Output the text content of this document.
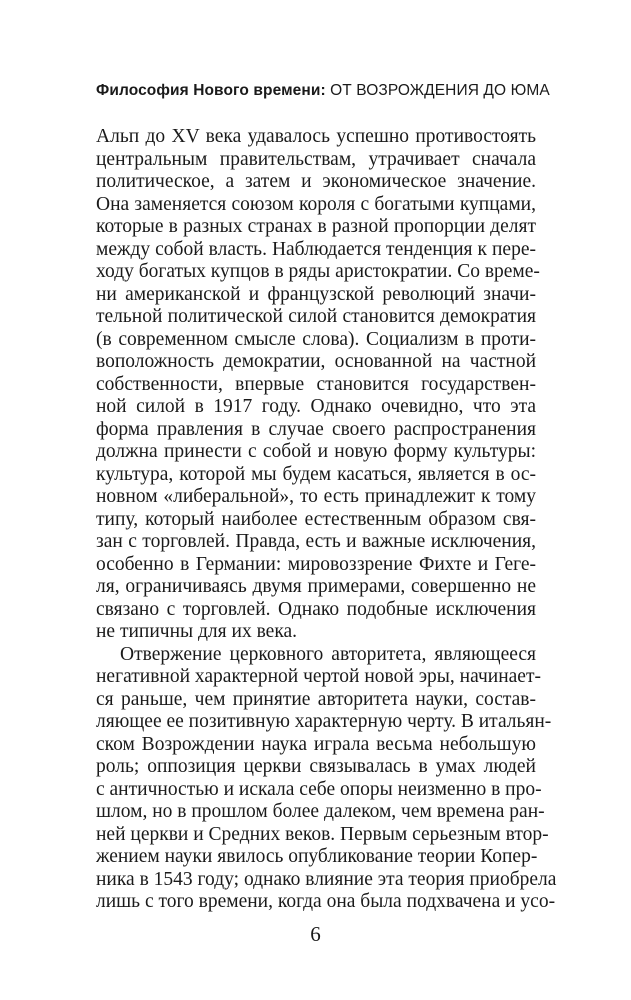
Философия Нового времени: ОТ ВОЗРОЖДЕНИЯ ДО ЮМА
Альп до XV века удавалось успешно противостоять
центральным правительствам, утрачивает сначала
политическое, а затем и экономическое значение.
Она заменяется союзом короля с богатыми купцами,
которые в разных странах в разной пропорции делят
между собой власть. Наблюдается тенденция к пере-
ходу богатых купцов в ряды аристократии. Со време-
ни американской и французской революций значи-
тельной политической силой становится демократия
(в современном смысле слова). Социализм в проти-
воположность демократии, основанной на частной
собственности, впервые становится государствен-
ной силой в 1917 году. Однако очевидно, что эта
форма правления в случае своего распространения
должна принести с собой и новую форму культуры:
культура, которой мы будем касаться, является в ос-
новном «либеральной», то есть принадлежит к тому
типу, который наиболее естественным образом свя-
зан с торговлей. Правда, есть и важные исключения,
особенно в Германии: мировоззрение Фихте и Геге-
ля, ограничиваясь двумя примерами, совершенно не
связано с торговлей. Однако подобные исключения
не типичны для их века.
Отвержение церковного авторитета, являющееся
негативной характерной чертой новой эры, начинает-
ся раньше, чем принятие авторитета науки, состав-
ляющее ее позитивную характерную черту. В итальян-
ском Возрождении наука играла весьма небольшую
роль; оппозиция церкви связывалась в умах людей
с античностью и искала себе опоры неизменно в про-
шлом, но в прошлом более далеком, чем времена ран-
ней церкви и Средних веков. Первым серьезным втор-
жением науки явилось опубликование теории Копер-
ника в 1543 году; однако влияние эта теория приобрела
лишь с того времени, когда она была подхвачена и усо-
6
